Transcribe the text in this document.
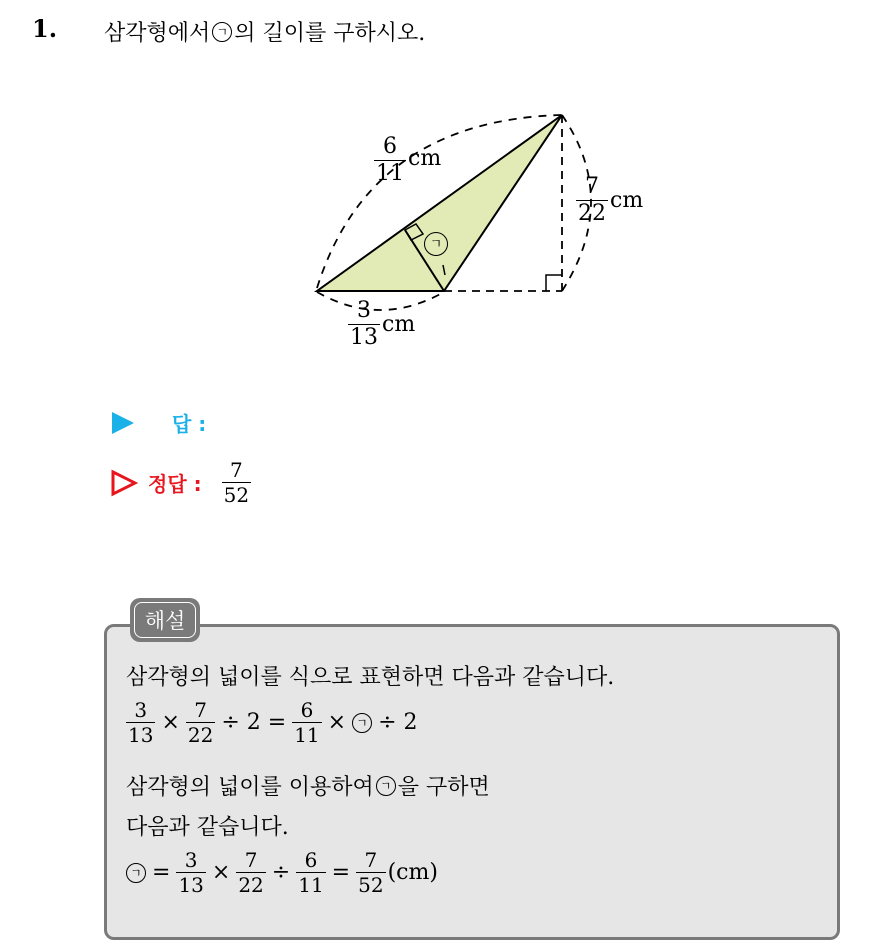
1. 삼각형에서 ㄱ 의 길이를 구하시오.
$\frac{6}{11}$ cm
$\frac{7}{22}$ cm
$\frac{3}{13}$ cm
ㄱ
답 :
정답 : $\frac{7}{52}$
해설
삼각형의 넓이를 식으로 표현하면 다음과 같습니다.
$\frac{3}{13} \times \frac{7}{22} \div 2 = \frac{6}{11}$ × ㄱ ÷ 2
삼각형의 넓이를 이용하여 ㄱ 을 구하면
다음과 같습니다.
ㄱ = $\frac{3}{13} \times \frac{7}{22} \div \frac{6}{11} = \frac{7}{52} (cm)$
